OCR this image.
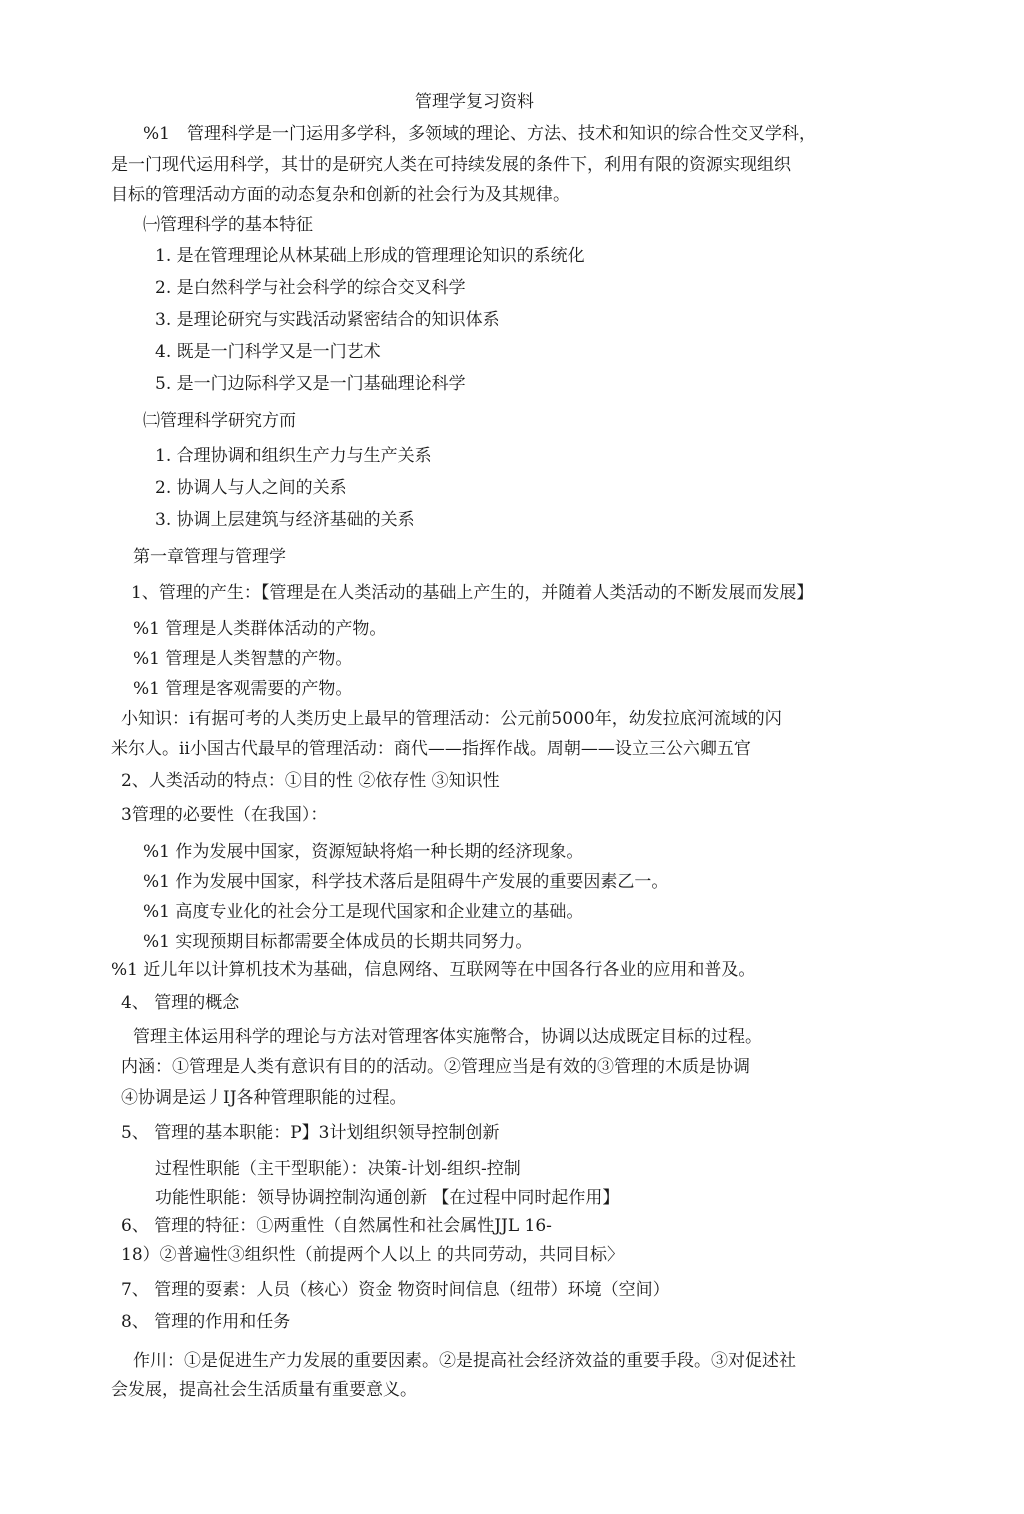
管理学复习资料
%1　管理科学是一门运用多学科，多领域的理论、方法、技术和知识的综合性交叉学科，
是一门现代运用科学，其廿的是研究人类在可持续发展的条件下，利用有限的资源实现组织
目标的管理活动方面的动态复杂和创新的社会行为及其规律。
㈠管理科学的基本特征
1. 是在管理理论从林某础上形成的管理理论知识的系统化
2. 是白然科学与社会科学的综合交叉科学
3. 是理论研究与实践活动紧密结合的知识体系
4. 既是一门科学又是一门艺术
5. 是一门边际科学又是一门基础理论科学
㈡管理科学研究方而
1. 合理协调和组织生产力与生产关系
2. 协调人与人之间的关系
3. 协调上层建筑与经济基础的关系
第一章管理与管理学
1、管理的产生：【管理是在人类活动的基础上产生的，并随着人类活动的不断发展而发展】
%1 管理是人类群体活动的产物。
%1 管理是人类智慧的产物。
%1 管理是客观需要的产物。
小知识：i有据可考的人类历史上最早的管理活动：公元前5000年，幼发拉底河流域的闪
米尔人。ii小国古代最早的管理活动：商代——指挥作战。周朝——设立三公六卿五官
2、人类活动的特点：①目的性 ②依存性 ③知识性
3管理的必要性（在我国）：
%1 作为发展中国家，资源短缺将焰一种长期的经济现象。
%1 作为发展中国家，科学技术落后是阻碍牛产发展的重要因素乙一。
%1 高度专业化的社会分工是现代国家和企业建立的基础。
%1 实现预期目标都需要全体成员的长期共同努力。
%1 近儿年以计算机技术为基础，信息网络、互联网等在中国各行各业的应用和普及。
4、 管理的概念
管理主体运用科学的理论与方法对管理客体实施幣合，协调以达成既定目标的过程。
内涵：①管理是人类有意识有目的的活动。②管理应当是有效的③管理的木质是协调
④协调是运丿IJ各种管理职能的过程。
5、 管理的基本职能：P】3计划组织领导控制创新
过程性职能（主干型职能）：决策-计划-组织-控制
功能性职能：领导协调控制沟通创新 【在过程中同时起作用】
6、 管理的特征：①两重性（自然属性和社会属性JJL 16-
18）②普遍性③组织性（前提两个人以上 的共同劳动，共同目标〉
7、 管理的耍素：人员（核心）资金 物资时间信息（纽带）环境（空间）
8、 管理的作用和任务
作川：①是促进生产力发展的重要因素。②是提高社会经济效益的重要手段。③对促述社
会发展，提高社会生活质量有重要意义。
